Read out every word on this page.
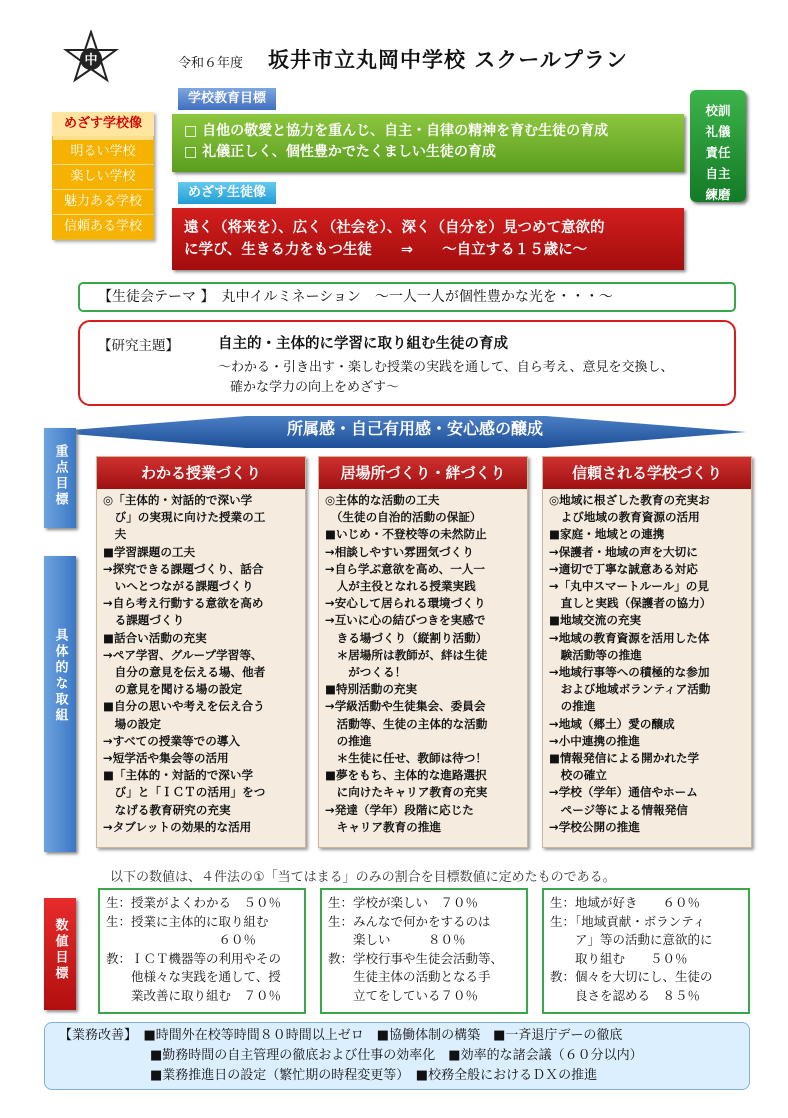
中	令和６年度 坂井市立丸岡中学校 スクールプラン
めざす学校像
明るい学校
楽しい学校
魅力ある学校
信頼ある学校
学校教育目標
□ 自他の敬愛と協力を重んじ、自主・自律の精神を育む生徒の育成
□ 礼儀正しく、個性豊かでたくましい生徒の育成
めざす生徒像
遠く（将来を）、広く（社会を）、深く（自分を）見つめて意欲的
に学び、生きる力をもつ生徒　　⇒　　～自立する１５歳に～
校訓
礼儀
責任
自主
練磨
【生徒会テーマ 】　丸中イルミネーション　～一人一人が個性豊かな光を・・・～
【研究主題】	自主的・主体的に学習に取り組む生徒の育成
～わかる・引き出す・楽しむ授業の実践を通して、自ら考え、意見を交換し、
確かな学力の向上をめざす～
所属感・自己有用感・安心感の醸成
重点目標
具体的な取組
わかる授業づくり
◎「主体的・対話的で深い学
　び」の実現に向けた授業の工
　夫
■学習課題の工夫
→探究できる課題づくり、話合
　いへとつながる課題づくり
→自ら考え行動する意欲を高め
　る課題づくり
■話合い活動の充実
→ペア学習、グループ学習等、
　自分の意見を伝える場、他者
　の意見を聞ける場の設定
■自分の思いや考えを伝え合う
　場の設定
→すべての授業等での導入
→短学活や集会等の活用
■「主体的・対話的で深い学
　び」と「ＩＣＴの活用」をつ
　なげる教育研究の充実
→タブレットの効果的な活用
居場所づくり・絆づくり
◎主体的な活動の工夫
　（生徒の自治的活動の保証）
■いじめ・不登校等の未然防止
→相談しやすい雰囲気づくり
→自ら学ぶ意欲を高め、一人一
　人が主役となれる授業実践
→安心して居られる環境づくり
→互いに心の結びつきを実感で
　きる場づくり（縦割り活動）
　＊居場所は教師が、絆は生徒
　　がつくる！
■特別活動の充実
→学級活動や生徒集会、委員会
　活動等、生徒の主体的な活動
　の推進
　＊生徒に任せ、教師は待つ！
■夢をもち、主体的な進路選択
　に向けたキャリア教育の充実
→発達（学年）段階に応じた
　キャリア教育の推進
信頼される学校づくり
◎地域に根ざした教育の充実お
　よび地域の教育資源の活用
■家庭・地域との連携
→保護者・地域の声を大切に
→適切で丁寧な誠意ある対応
→「丸中スマートルール」の見
　直しと実践（保護者の協力）
■地域交流の充実
→地域の教育資源を活用した体
　験活動等の推進
→地域行事等への積極的な参加
　および地域ボランティア活動
　の推進
→地域（郷土）愛の醸成
→小中連携の推進
■情報発信による開かれた学
　校の確立
→学校（学年）通信やホーム
　ページ等による情報発信
→学校公開の推進
以下の数値は、４件法の①「当てはまる」のみの割合を目標数値に定めたものである。
数値目標
生：授業がよくわかる　５０％
生：授業に主体的に取り組む
　　　　　　　　　６０％
教：ＩＣＴ機器等の利用やその
　　他様々な実践を通して、授
　　業改善に取り組む　７０％
生：学校が楽しい　７０％
生：みんなで何かをするのは
　　楽しい　　　８０％
教：学校行事や生徒会活動等、
　　生徒主体の活動となる手
　　立てをしている７０％
生：地域が好き　　６０％
生：「地域貢献・ボランティ
　　ア」等の活動に意欲的に
　　取り組む　　５０％
教：個々を大切にし、生徒の
　　良さを認める　８５％
【業務改善】　■時間外在校等時間８０時間以上ゼロ　■協働体制の構築　■一斉退庁デーの徹底
　　　　　　　■勤務時間の自主管理の徹底および仕事の効率化　■効率的な諸会議（６０分以内）
　　　　　　　■業務推進日の設定（繁忙期の時程変更等）　■校務全般におけるＤＸの推進
